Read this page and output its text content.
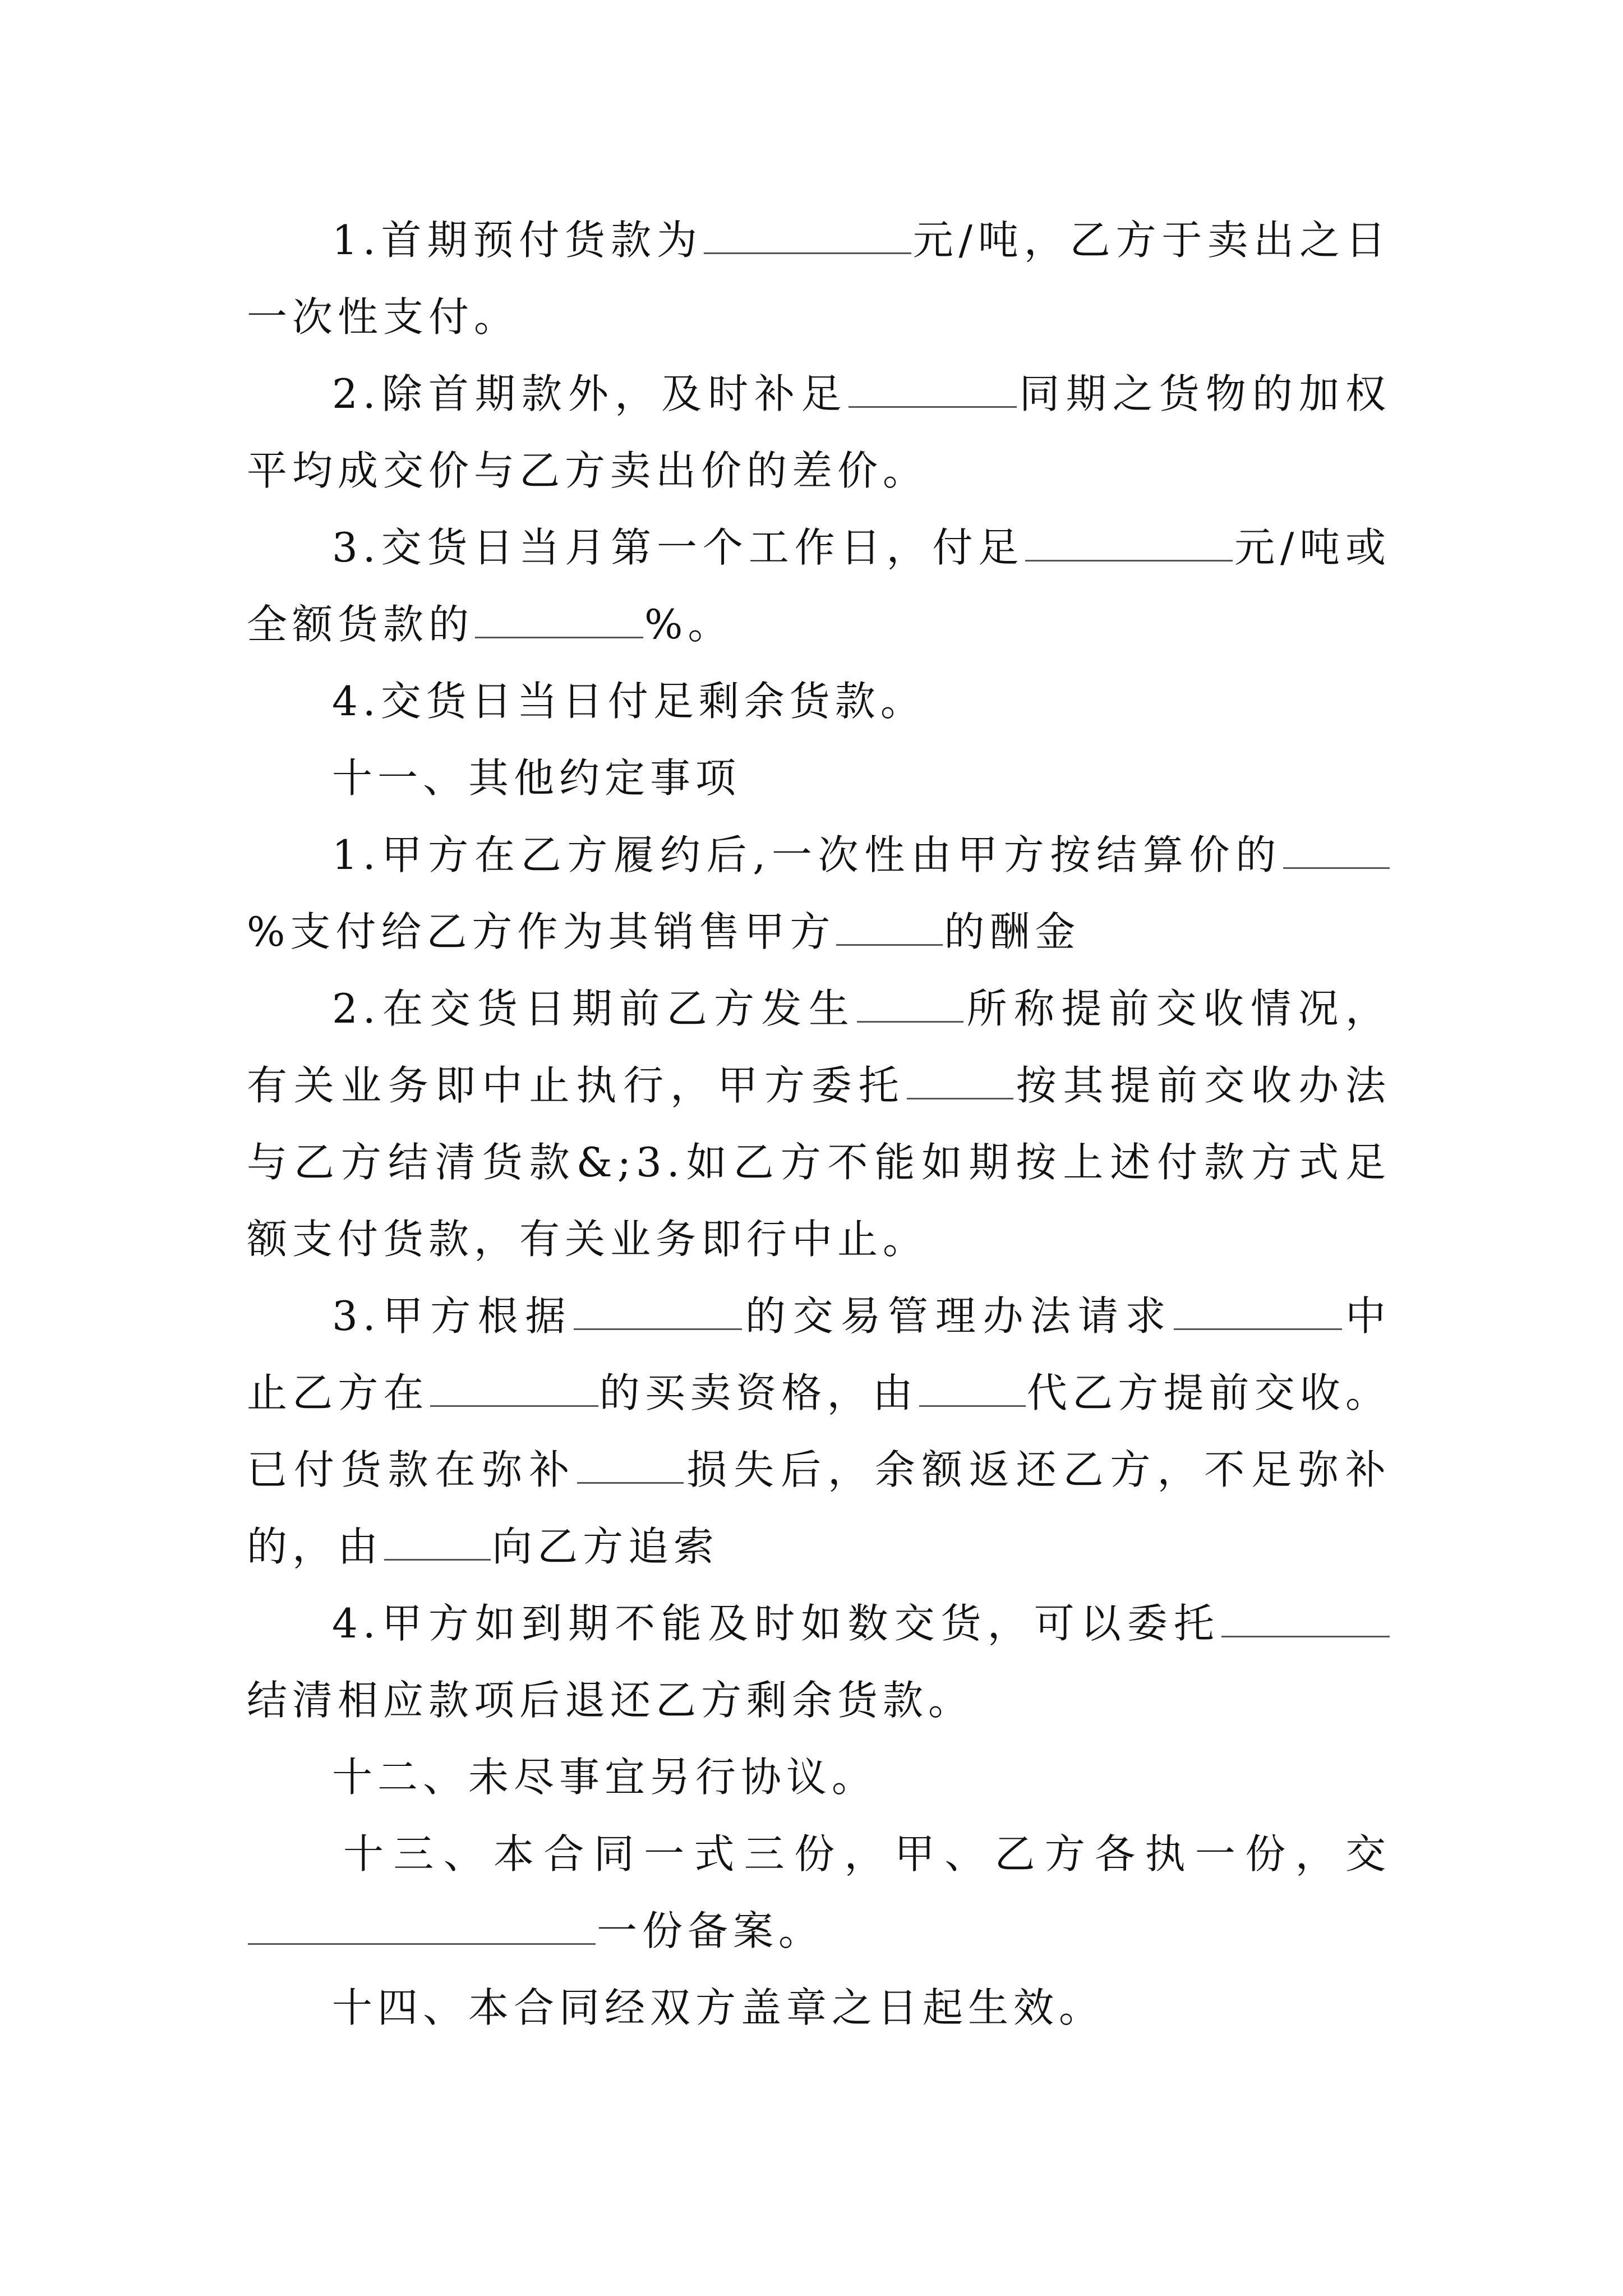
1.首期预付货款为	元/吨，乙方于卖出之日一次性支付。

2.除首期款外，及时补足	同期之货物的加权平均成交价与乙方卖出价的差价。

3.交货日当月第一个工作日，付足	元/吨或全额货款的	%。

4.交货日当日付足剩余货款。

十一、其他约定事项

1.甲方在乙方履约后,一次性由甲方按结算价的%支付给乙方作为其销售甲方	的酬金

2.在交货日期前乙方发生	所称提前交收情况，有关业务即中止执行，甲方委托	按其提前交收办法与乙方结清货款&;3.如乙方不能如期按上述付款方式足额支付货款，有关业务即行中止。

3.甲方根据	的交易管理办法请求	中止乙方在	的买卖资格，由	代乙方提前交收。已付货款在弥补	损失后，余额返还乙方，不足弥补的，由	向乙方追索

4.甲方如到期不能及时如数交货，可以委托结清相应款项后退还乙方剩余货款。

十二、未尽事宜另行协议。

十三、本合同一式三份，甲、乙方各执一份，交一份备案。

十四、本合同经双方盖章之日起生效。
